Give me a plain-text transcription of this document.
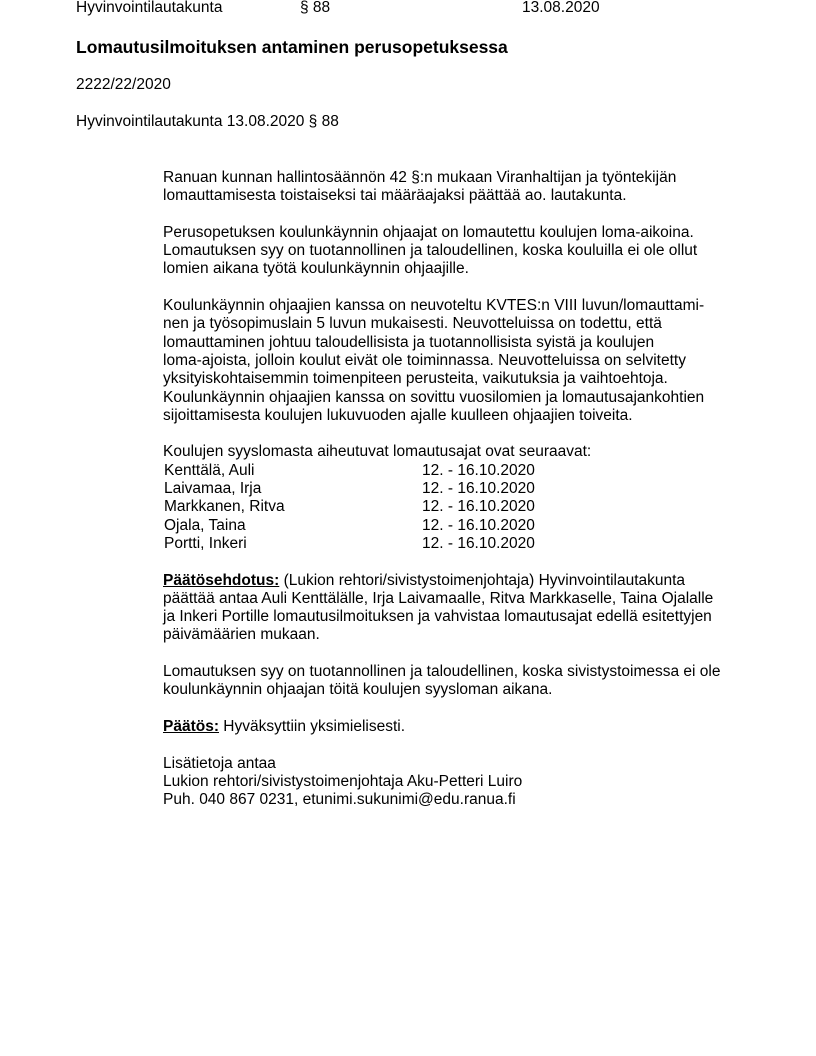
Hyvinvointilautakunta	§ 88	13.08.2020
Lomautusilmoituksen antaminen perusopetuksessa
2222/22/2020
Hyvinvointilautakunta 13.08.2020 § 88

Ranuan kunnan hallintosäännön 42 §:n mukaan Viranhaltijan ja työntekijän
lomauttamisesta toistaiseksi tai määräajaksi päättää ao. lautakunta.

Perusopetuksen koulunkäynnin ohjaajat on lomautettu koulujen loma-aikoina.
Lomautuksen syy on tuotannollinen ja taloudellinen, koska kouluilla ei ole ollut
lomien aikana työtä koulunkäynnin ohjaajille.

Koulunkäynnin ohjaajien kanssa on neuvoteltu KVTES:n VIII luvun/lomauttami-
nen ja työsopimuslain 5 luvun mukaisesti. Neuvotteluissa on todettu, että
lomauttaminen johtuu taloudellisista ja tuotannollisista syistä ja koulujen
loma-ajoista, jolloin koulut eivät ole toiminnassa. Neuvotteluissa on selvitetty
yksityiskohtaisemmin toimenpiteen perusteita, vaikutuksia ja vaihtoehtoja.
Koulunkäynnin ohjaajien kanssa on sovittu vuosilomien ja lomautusajankohtien
sijoittamisesta koulujen lukuvuoden ajalle kuulleen ohjaajien toiveita.

Koulujen syyslomasta aiheutuvat lomautusajat ovat seuraavat:

Kenttälä, Auli	12. - 16.10.2020
Laivamaa, Irja	12. - 16.10.2020
Markkanen, Ritva	12. - 16.10.2020
Ojala, Taina	12. - 16.10.2020
Portti, Inkeri	12. - 16.10.2020

Päätösehdotus: (Lukion rehtori/sivistystoimenjohtaja) Hyvinvointilautakunta
päättää antaa Auli Kenttälälle, Irja Laivamaalle, Ritva Markkaselle, Taina Ojalalle
ja Inkeri Portille lomautusilmoituksen ja vahvistaa lomautusajat edellä esitettyjen
päivämäärien mukaan.

Lomautuksen syy on tuotannollinen ja taloudellinen, koska sivistystoimessa ei ole
koulunkäynnin ohjaajan töitä koulujen syysloman aikana.

Päätös: Hyväksyttiin yksimielisesti.

Lisätietoja antaa

Lukion rehtori/sivistystoimenjohtaja Aku-Petteri Luiro

Puh. 040 867 0231, etunimi.sukunimi@edu.ranua.fi
